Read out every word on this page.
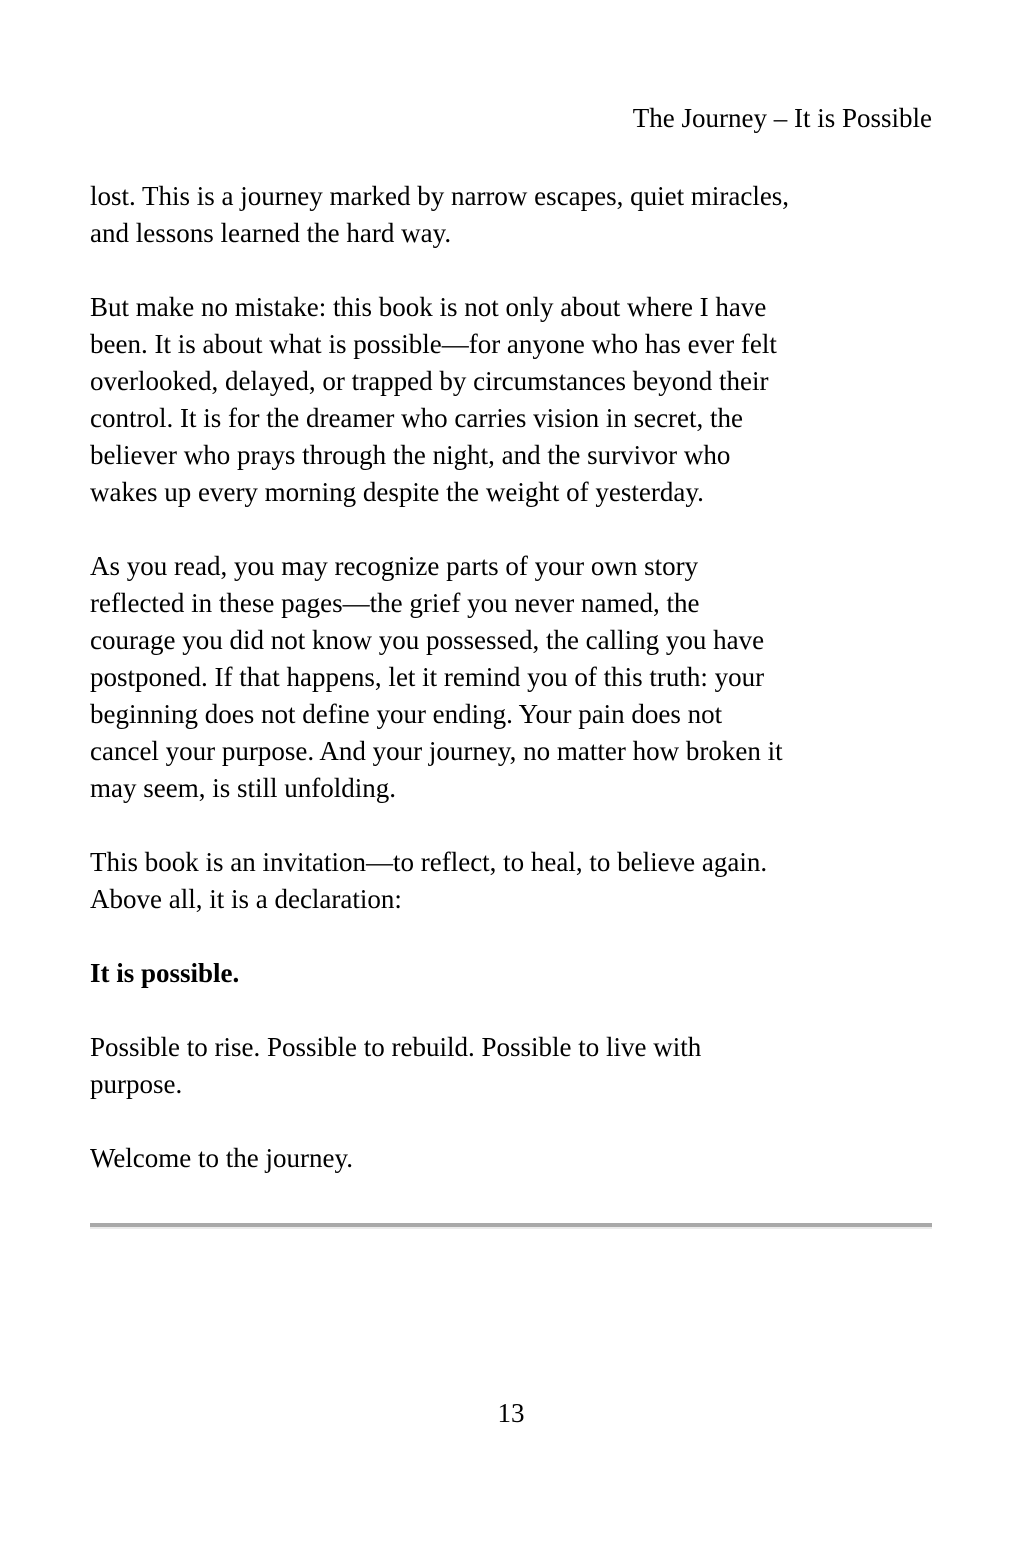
The Journey – It is Possible

lost. This is a journey marked by narrow escapes, quiet miracles,
and lessons learned the hard way.

But make no mistake: this book is not only about where I have
been. It is about what is possible—for anyone who has ever felt
overlooked, delayed, or trapped by circumstances beyond their
control. It is for the dreamer who carries vision in secret, the
believer who prays through the night, and the survivor who
wakes up every morning despite the weight of yesterday.

As you read, you may recognize parts of your own story
reflected in these pages—the grief you never named, the
courage you did not know you possessed, the calling you have
postponed. If that happens, let it remind you of this truth: your
beginning does not define your ending. Your pain does not
cancel your purpose. And your journey, no matter how broken it
may seem, is still unfolding.

This book is an invitation—to reflect, to heal, to believe again.
Above all, it is a declaration:

It is possible.

Possible to rise. Possible to rebuild. Possible to live with
purpose.

Welcome to the journey.

13
